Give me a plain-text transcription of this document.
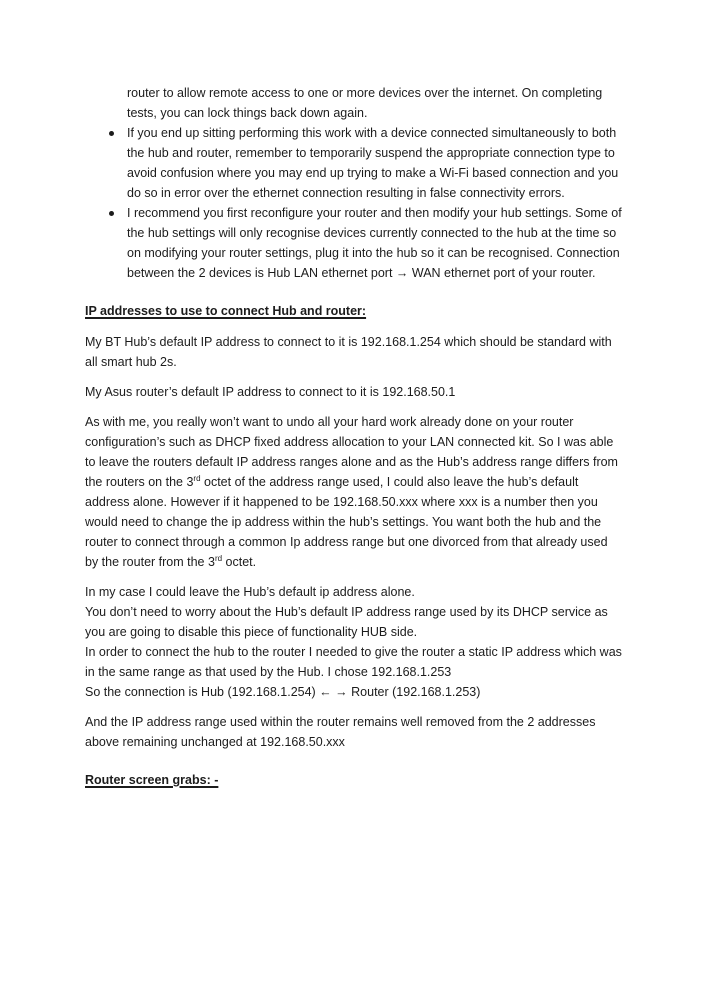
router to allow remote access to one or more devices over the internet. On completing tests, you can lock things back down again.
If you end up sitting performing this work with a device connected simultaneously to both the hub and router, remember to temporarily suspend the appropriate connection type to avoid confusion where you may end up trying to make a Wi-Fi based connection and you do so in error over the ethernet connection resulting in false connectivity errors.
I recommend you first reconfigure your router and then modify your hub settings. Some of the hub settings will only recognise devices currently connected to the hub at the time so on modifying your router settings, plug it into the hub so it can be recognised. Connection between the 2 devices is Hub LAN ethernet port → WAN ethernet port of your router.

IP addresses to use to connect Hub and router:

My BT Hub’s default IP address to connect to it is 192.168.1.254 which should be standard with all smart hub 2s.

My Asus router’s default IP address to connect to it is 192.168.50.1

As with me, you really won’t want to undo all your hard work already done on your router configuration’s such as DHCP fixed address allocation to your LAN connected kit. So I was able to leave the routers default IP address ranges alone and as the Hub’s address range differs from the routers on the 3rd octet of the address range used, I could also leave the hub’s default address alone. However if it happened to be 192.168.50.xxx where xxx is a number then you would need to change the ip address within the hub’s settings. You want both the hub and the router to connect through a common Ip address range but one divorced from that already used by the router from the 3rd octet.

In my case I could leave the Hub’s default ip address alone.
You don’t need to worry about the Hub’s default IP address range used by its DHCP service as you are going to disable this piece of functionality HUB side.
In order to connect the hub to the router I needed to give the router a static IP address which was in the same range as that used by the Hub. I chose 192.168.1.253
So the connection is Hub (192.168.1.254) ← → Router (192.168.1.253)

And the IP address range used within the router remains well removed from the 2 addresses above remaining unchanged at 192.168.50.xxx

Router screen grabs: -
